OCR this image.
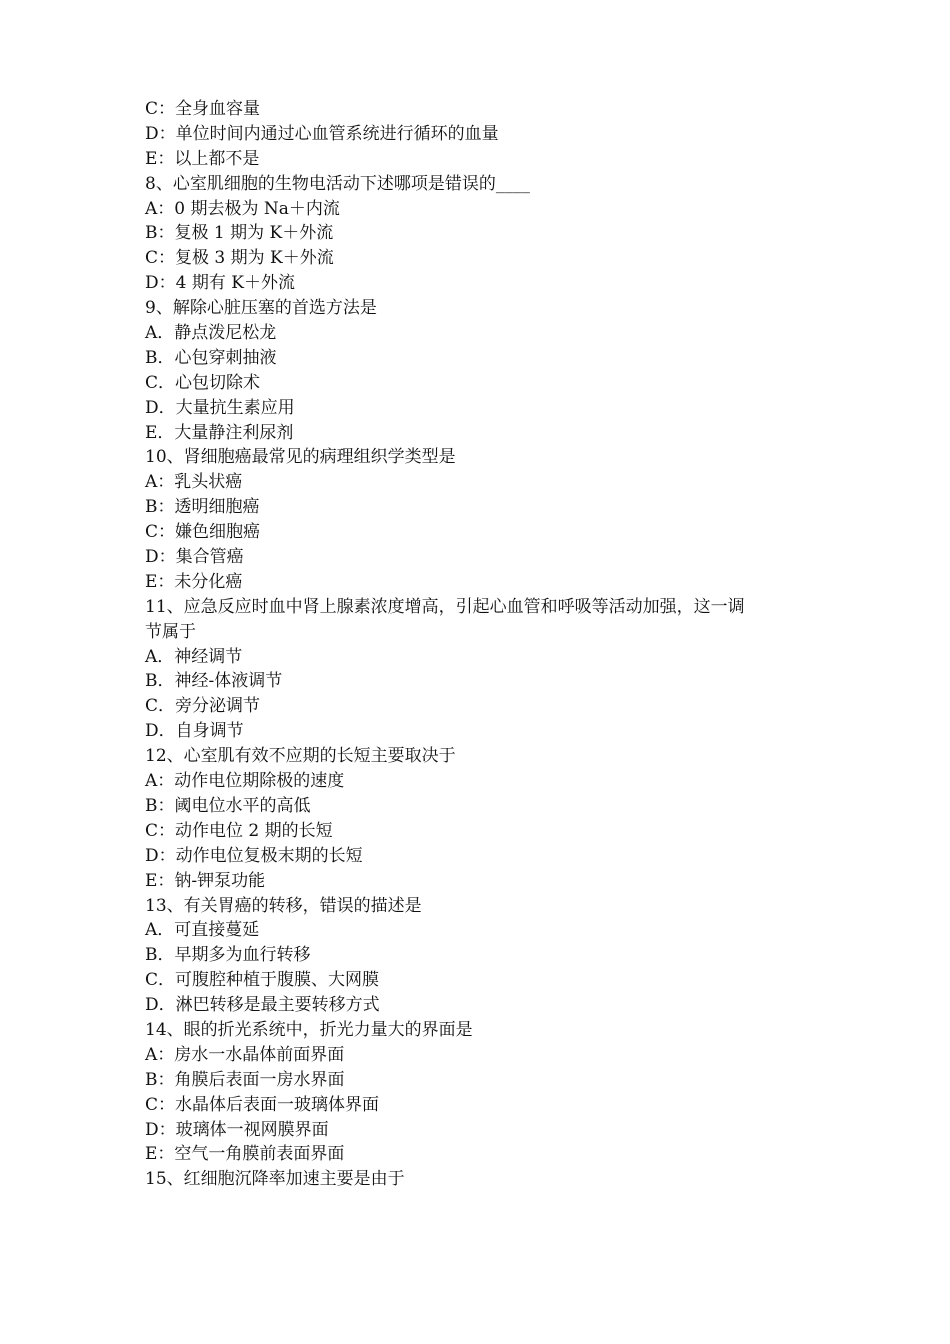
C：全身血容量

D：单位时间内通过心血管系统进行循环的血量

E：以上都不是

8、心室肌细胞的生物电活动下述哪项是错误的____

A：0 期去极为 Na＋内流

B：复极 1 期为 K＋外流

C：复极 3 期为 K＋外流

D：4 期有 K＋外流

9、解除心脏压塞的首选方法是

A．静点泼尼松龙

B．心包穿刺抽液

C．心包切除术

D．大量抗生素应用

E．大量静注利尿剂

10、肾细胞癌最常见的病理组织学类型是

A：乳头状癌

B：透明细胞癌

C：嫌色细胞癌

D：集合管癌

E：未分化癌

11、应急反应时血中肾上腺素浓度增高，引起心血管和呼吸等活动加强，这一调

节属于

A．神经调节

B．神经-体液调节

C．旁分泌调节

D．自身调节

12、心室肌有效不应期的长短主要取决于

A：动作电位期除极的速度

B：阈电位水平的高低

C：动作电位 2 期的长短

D：动作电位复极末期的长短

E：钠-钾泵功能

13、有关胃癌的转移，错误的描述是

A．可直接蔓延

B．早期多为血行转移

C．可腹腔种植于腹膜、大网膜

D．淋巴转移是最主要转移方式

14、眼的折光系统中，折光力量大的界面是

A：房水一水晶体前面界面

B：角膜后表面一房水界面

C：水晶体后表面一玻璃体界面

D：玻璃体一视网膜界面

E：空气一角膜前表面界面

15、红细胞沉降率加速主要是由于
